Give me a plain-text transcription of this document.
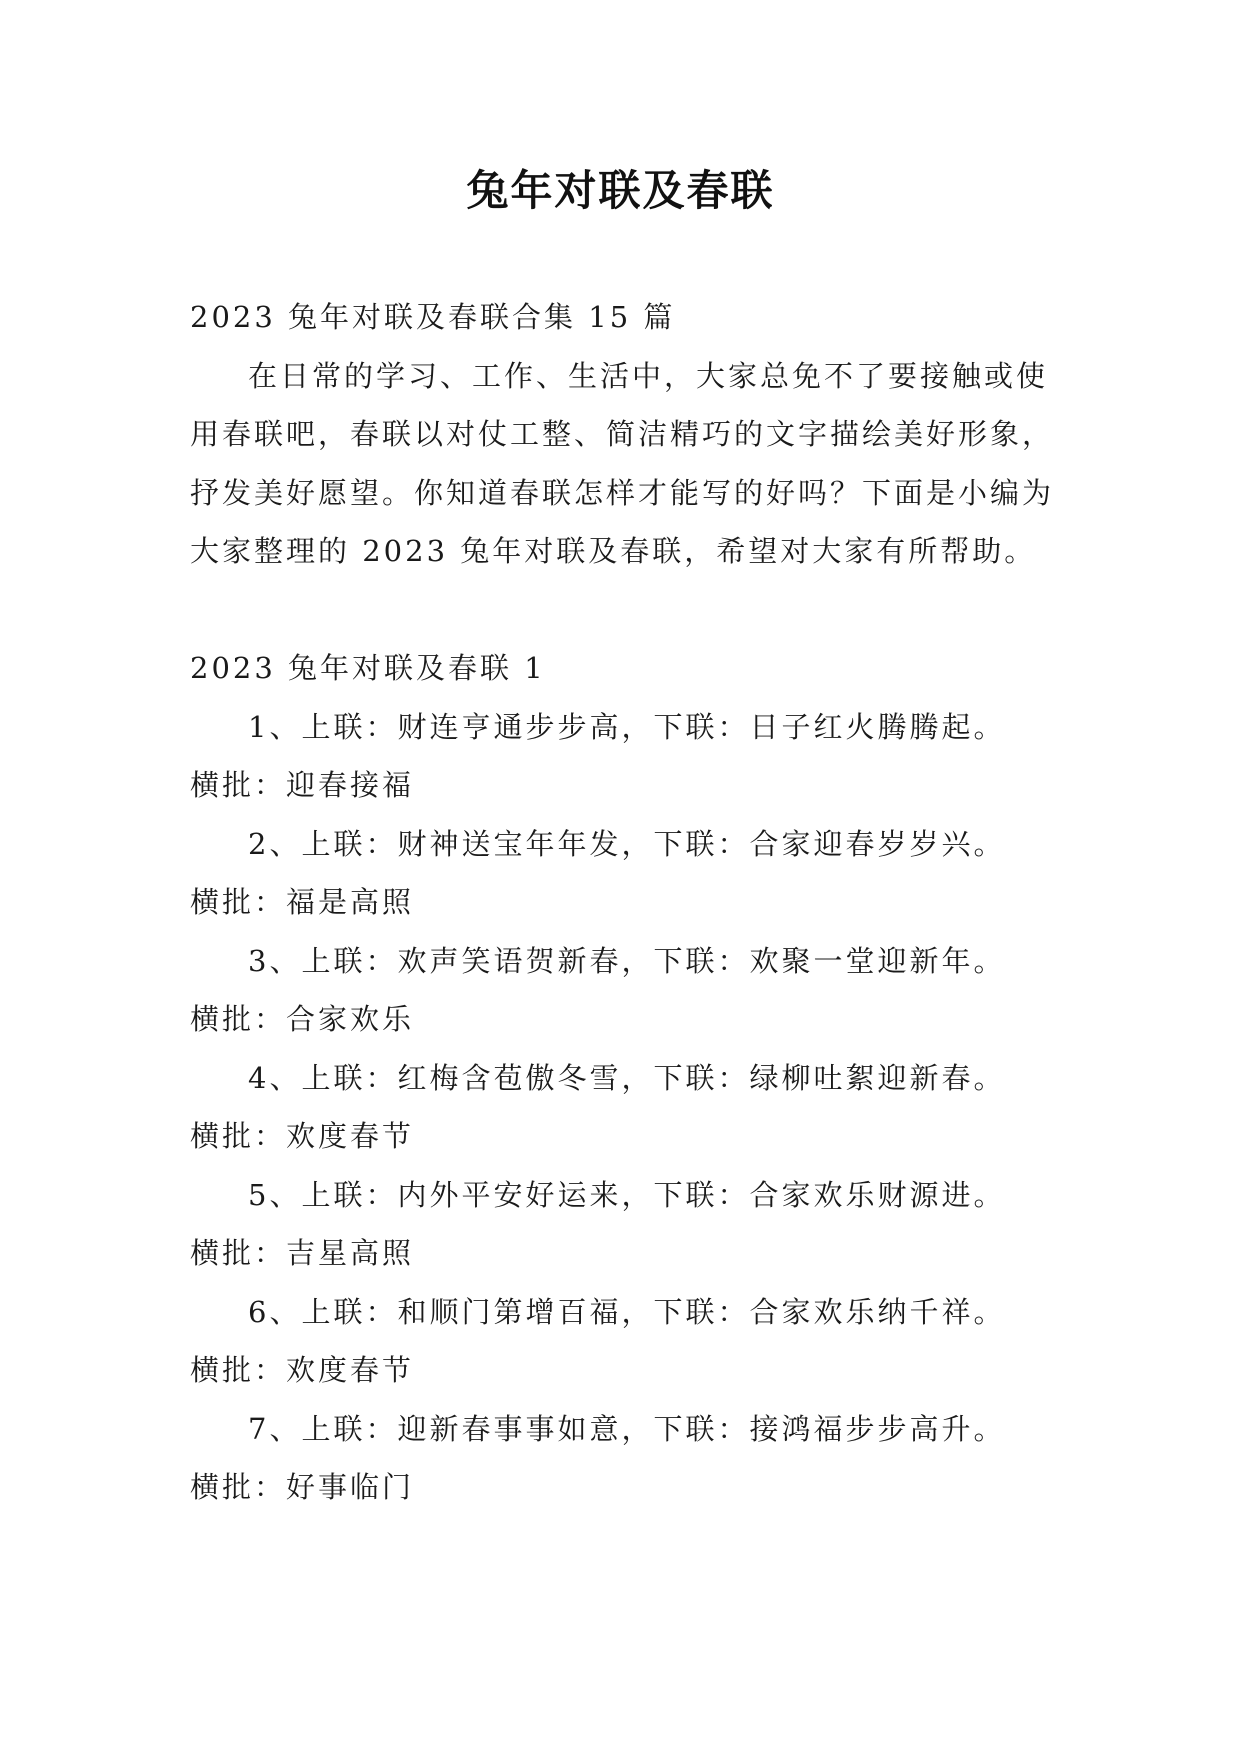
兔年对联及春联
2023 兔年对联及春联合集 15 篇
在日常的学习、工作、生活中，大家总免不了要接触或使用春联吧，春联以对仗工整、简洁精巧的文字描绘美好形象，抒发美好愿望。你知道春联怎样才能写的好吗？下面是小编为大家整理的 2023 兔年对联及春联，希望对大家有所帮助。
2023 兔年对联及春联 1
1、上联：财连亨通步步高，下联：日子红火腾腾起。
横批：迎春接福
2、上联：财神送宝年年发，下联：合家迎春岁岁兴。
横批：福是高照
3、上联：欢声笑语贺新春，下联：欢聚一堂迎新年。
横批：合家欢乐
4、上联：红梅含苞傲冬雪，下联：绿柳吐絮迎新春。
横批：欢度春节
5、上联：内外平安好运来，下联：合家欢乐财源进。
横批：吉星高照
6、上联：和顺门第增百福，下联：合家欢乐纳千祥。
横批：欢度春节
7、上联：迎新春事事如意，下联：接鸿福步步高升。
横批：好事临门
